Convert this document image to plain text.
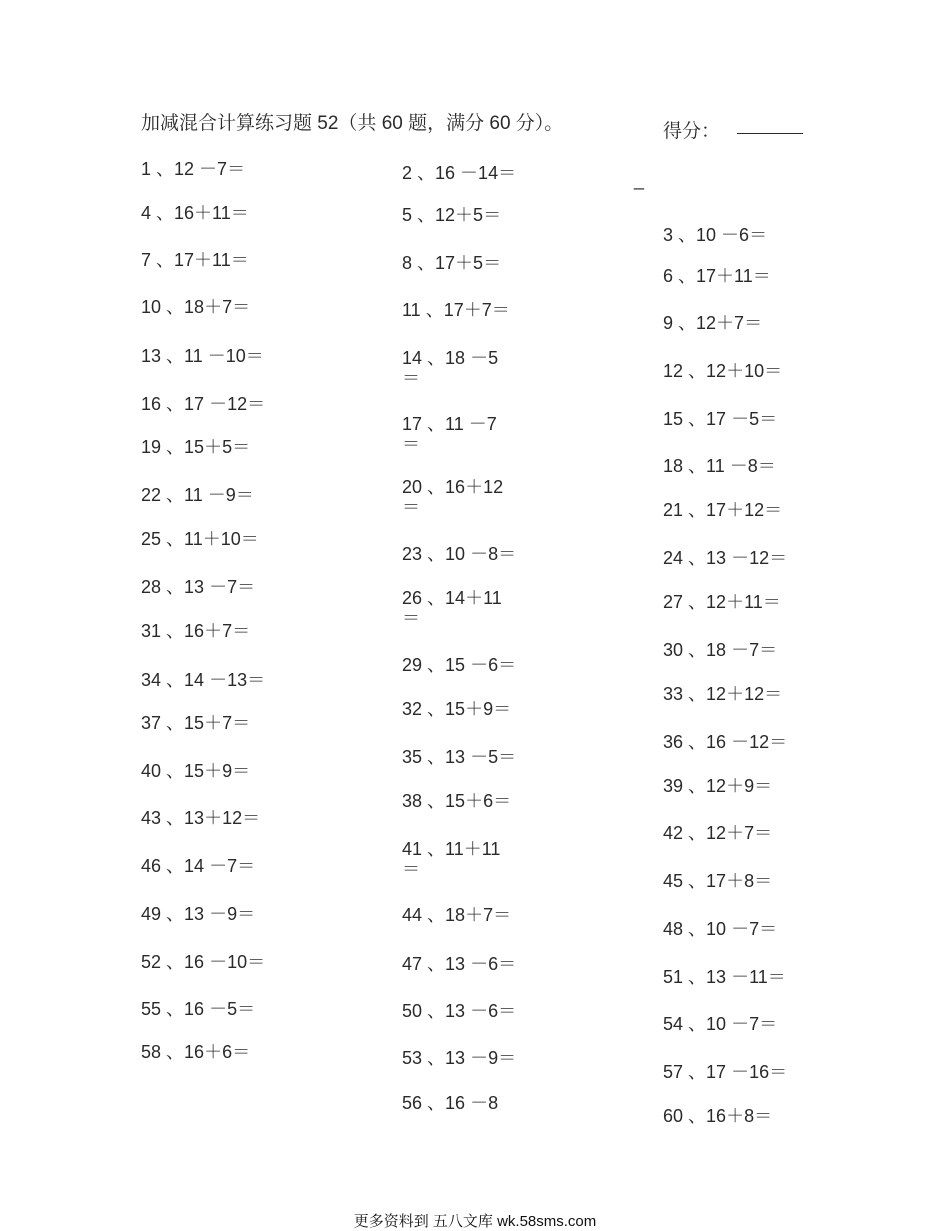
加减混合计算练习题 52（共 60 题，满分 60 分）。	得分：
_
1 、12 －7＝
4 、16＋11＝
7 、17＋11＝
10 、18＋7＝
13 、11 －10＝
16 、17 －12＝
19 、15＋5＝
22 、11 －9＝
25 、11＋10＝
28 、13 －7＝
31 、16＋7＝
34 、14 －13＝
37 、15＋7＝
40 、15＋9＝
43 、13＋12＝
46 、14 －7＝
49 、13 －9＝
52 、16 －10＝
55 、16 －5＝
58 、16＋6＝
2 、16 －14＝
5 、12＋5＝
8 、17＋5＝
11 、17＋7＝
14 、18 －5
＝
17 、11 －7
＝
20 、16＋12
＝
23 、10 －8＝
26 、14＋11
＝
29 、15 －6＝
32 、15＋9＝
35 、13 －5＝
38 、15＋6＝
41 、11＋11
＝
44 、18＋7＝
47 、13 －6＝
50 、13 －6＝
53 、13 －9＝
56 、16 －8
3 、10 －6＝
6 、17＋11＝
9 、12＋7＝
12 、12＋10＝
15 、17 －5＝
18 、11 －8＝
21 、17＋12＝
24 、13 －12＝
27 、12＋11＝
30 、18 －7＝
33 、12＋12＝
36 、16 －12＝
39 、12＋9＝
42 、12＋7＝
45 、17＋8＝
48 、10 －7＝
51 、13 －11＝
54 、10 －7＝
57 、17 －16＝
60 、16＋8＝
更多资料到 五八文库 wk.58sms.com
